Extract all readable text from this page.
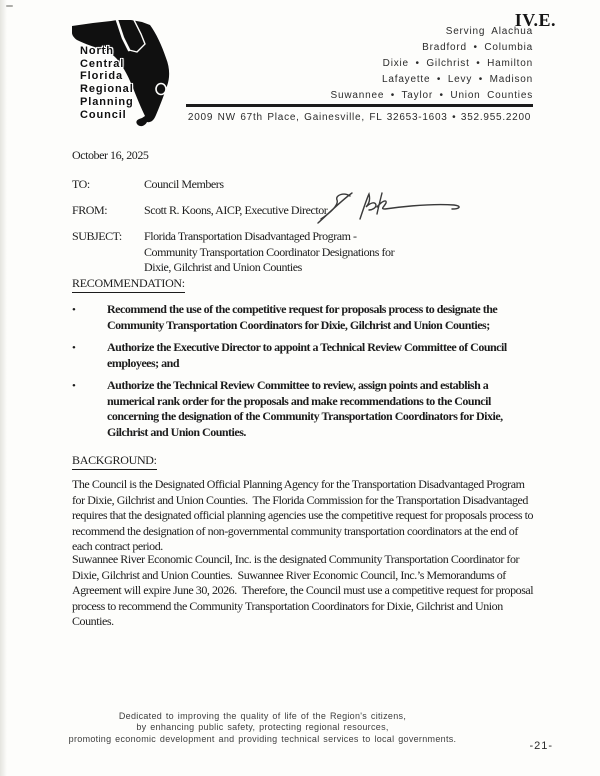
North
Central
Florida
Regional
Planning
Council
IV.E.
Serving Alachua
Bradford • Columbia
Dixie • Gilchrist • Hamilton
Lafayette • Levy • Madison
Suwannee • Taylor • Union Counties
2009 NW 67th Place, Gainesville, FL 32653-1603 • 352.955.2200
October 16, 2025
TO:	Council Members
FROM:	Scott R. Koons, AICP, Executive Director
SUBJECT: Florida Transportation Disadvantaged Program -
Community Transportation Coordinator Designations for
Dixie, Gilchrist and Union Counties
RECOMMENDATION:
•	Recommend the use of the competitive request for proposals process to designate the
Community Transportation Coordinators for Dixie, Gilchrist and Union Counties;
•	Authorize the Executive Director to appoint a Technical Review Committee of Council
employees; and
•	Authorize the Technical Review Committee to review, assign points and establish a
numerical rank order for the proposals and make recommendations to the Council
concerning the designation of the Community Transportation Coordinators for Dixie,
Gilchrist and Union Counties.
BACKGROUND:
The Council is the Designated Official Planning Agency for the Transportation Disadvantaged Program
for Dixie, Gilchrist and Union Counties.  The Florida Commission for the Transportation Disadvantaged
requires that the designated official planning agencies use the competitive request for proposals process to
recommend the designation of non-governmental community transportation coordinators at the end of
each contract period.
Suwannee River Economic Council, Inc. is the designated Community Transportation Coordinator for
Dixie, Gilchrist and Union Counties.  Suwannee River Economic Council, Inc.’s Memorandums of
Agreement will expire June 30, 2026.  Therefore, the Council must use a competitive request for proposal
process to recommend the Community Transportation Coordinators for Dixie, Gilchrist and Union
Counties.
Dedicated to improving the quality of life of the Region's citizens,
by enhancing public safety, protecting regional resources,
promoting economic development and providing technical services to local governments.
-21-
